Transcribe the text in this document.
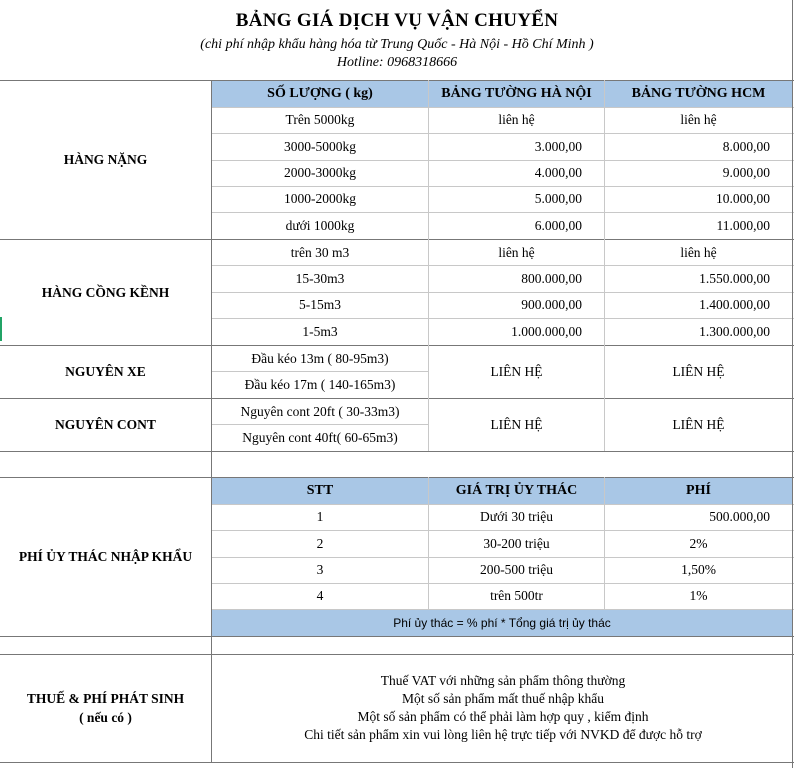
BẢNG GIÁ DỊCH VỤ VẬN CHUYỂN
(chi phí nhập khẩu hàng hóa từ Trung Quốc - Hà Nội - Hồ Chí Minh )
Hotline: 0968318666
SỐ LƯỢNG ( kg)	BẢNG TƯỜNG HÀ NỘI	BẢNG TƯỜNG HCM
HÀNG NẶNG
Trên 5000kg	liên hệ	liên hệ
3000-5000kg	3.000,00	8.000,00
2000-3000kg	4.000,00	9.000,00
1000-2000kg	5.000,00	10.000,00
dưới 1000kg	6.000,00	11.000,00
HÀNG CỒNG KỀNH
trên 30 m3	liên hệ	liên hệ
15-30m3	800.000,00	1.550.000,00
5-15m3	900.000,00	1.400.000,00
1-5m3	1.000.000,00	1.300.000,00
NGUYÊN XE
Đầu kéo 13m ( 80-95m3)
Đầu kéo 17m ( 140-165m3)
LIÊN HỆ	LIÊN HỆ
NGUYÊN CONT
Nguyên cont 20ft ( 30-33m3)
Nguyên cont 40ft( 60-65m3)
LIÊN HỆ	LIÊN HỆ
PHÍ ỦY THÁC NHẬP KHẨU
STT	GIÁ TRỊ ỦY THÁC	PHÍ
1	Dưới 30 triệu	500.000,00
2	30-200 triệu	2%
3	200-500 triệu	1,50%
4	trên 500tr	1%
Phí ủy thác = % phí * Tổng giá trị ủy thác
THUẾ & PHÍ PHÁT SINH
( nếu có )
Thuế VAT với những sản phẩm thông thường
Một số sản phẩm mất thuế nhập khẩu
Một số sản phẩm có thể phải làm hợp quy , kiểm định
Chi tiết sản phẩm xin vui lòng liên hệ trực tiếp với NVKD để được hỗ trợ
